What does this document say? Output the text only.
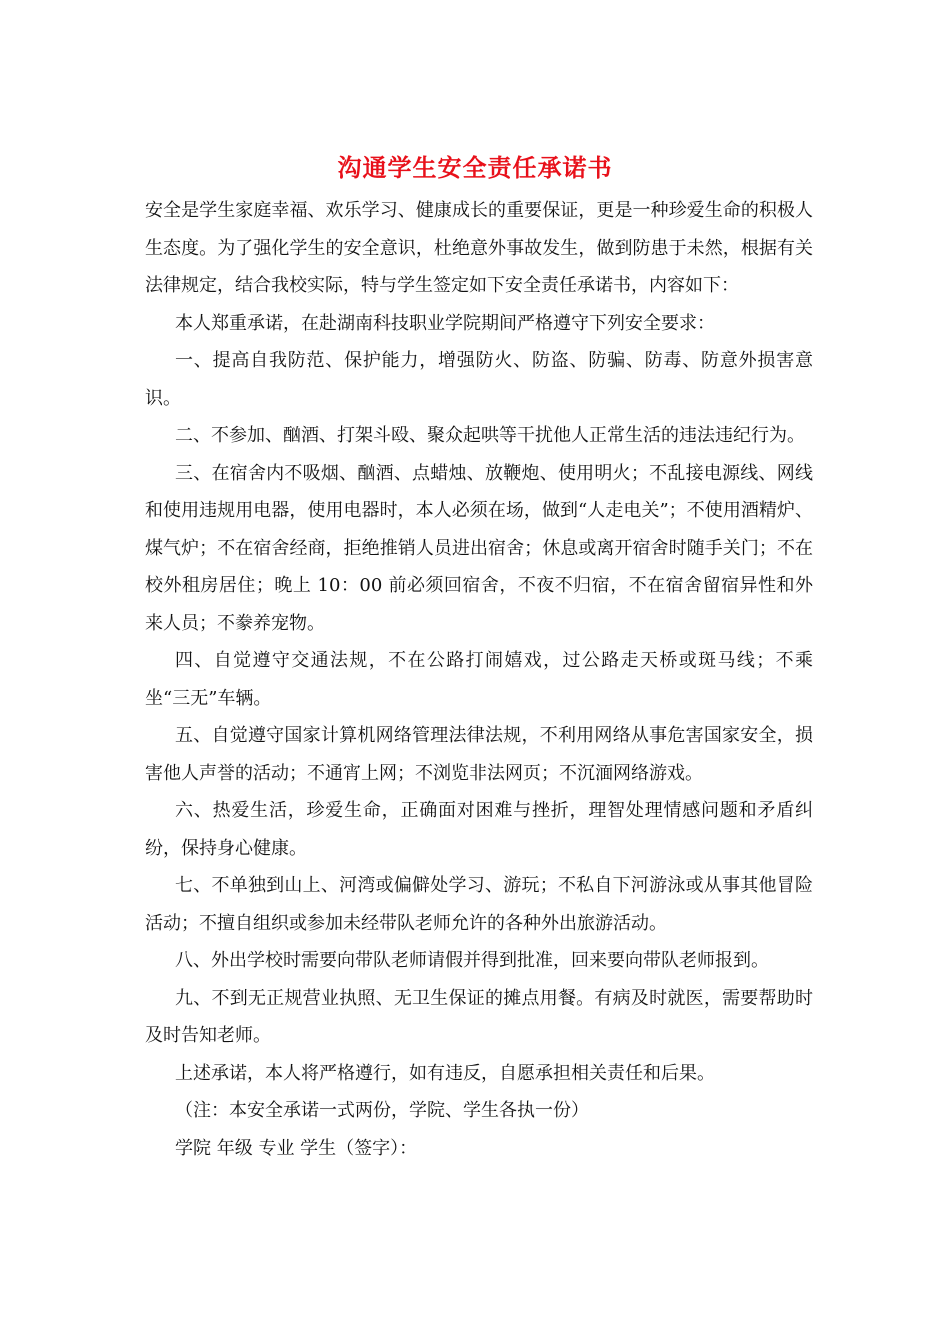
沟通学生安全责任承诺书

安全是学生家庭幸福、欢乐学习、健康成长的重要保证，更是一种珍爱生命的积极人生态度。为了强化学生的安全意识，杜绝意外事故发生，做到防患于未然，根据有关法律规定，结合我校实际，特与学生签定如下安全责任承诺书，内容如下：

本人郑重承诺，在赴湖南科技职业学院期间严格遵守下列安全要求：

一、提高自我防范、保护能力，增强防火、防盗、防骗、防毒、防意外损害意识。

二、不参加、酗酒、打架斗殴、聚众起哄等干扰他人正常生活的违法违纪行为。

三、在宿舍内不吸烟、酗酒、点蜡烛、放鞭炮、使用明火；不乱接电源线、网线和使用违规用电器，使用电器时，本人必须在场，做到“人走电关”；不使用酒精炉、煤气炉；不在宿舍经商，拒绝推销人员进出宿舍；休息或离开宿舍时随手关门；不在校外租房居住；晚上 10：00 前必须回宿舍，不夜不归宿，不在宿舍留宿异性和外来人员；不豢养宠物。

四、自觉遵守交通法规，不在公路打闹嬉戏，过公路走天桥或斑马线；不乘坐“三无”车辆。

五、自觉遵守国家计算机网络管理法律法规，不利用网络从事危害国家安全，损害他人声誉的活动；不通宵上网；不浏览非法网页；不沉湎网络游戏。

六、热爱生活，珍爱生命，正确面对困难与挫折，理智处理情感问题和矛盾纠纷，保持身心健康。

七、不单独到山上、河湾或偏僻处学习、游玩；不私自下河游泳或从事其他冒险活动；不擅自组织或参加未经带队老师允许的各种外出旅游活动。

八、外出学校时需要向带队老师请假并得到批准，回来要向带队老师报到。

九、不到无正规营业执照、无卫生保证的摊点用餐。有病及时就医，需要帮助时及时告知老师。

上述承诺，本人将严格遵行，如有违反，自愿承担相关责任和后果。

（注：本安全承诺一式两份，学院、学生各执一份）

学院 年级 专业 学生（签字）：
